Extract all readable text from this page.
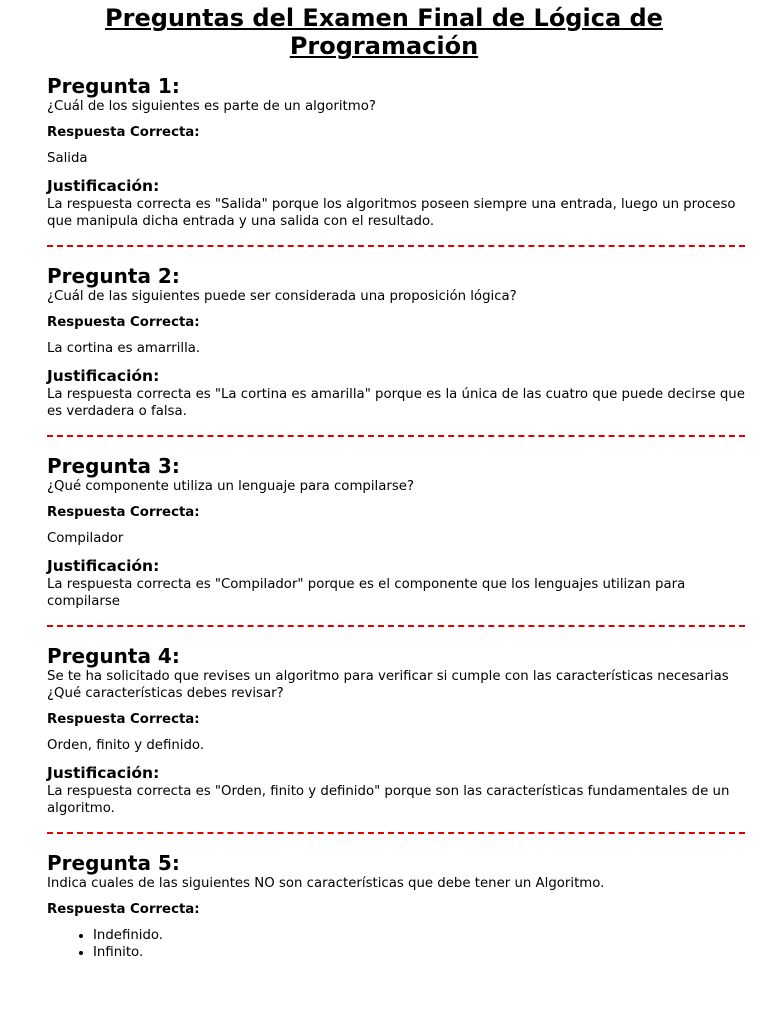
Preguntas del Examen Final de Lógica de Programación
Pregunta 1:
¿Cuál de los siguientes es parte de un algoritmo?
Respuesta Correcta:
Salida
Justificación:
La respuesta correcta es "Salida" porque los algoritmos poseen siempre una entrada, luego un proceso que manipula dicha entrada y una salida con el resultado.
Pregunta 2:
¿Cuál de las siguientes puede ser considerada una proposición lógica?
Respuesta Correcta:
La cortina es amarrilla.
Justificación:
La respuesta correcta es "La cortina es amarilla" porque es la única de las cuatro que puede decirse que es verdadera o falsa.
Pregunta 3:
¿Qué componente utiliza un lenguaje para compilarse?
Respuesta Correcta:
Compilador
Justificación:
La respuesta correcta es "Compilador" porque es el componente que los lenguajes utilizan para compilarse
Pregunta 4:
Se te ha solicitado que revises un algoritmo para verificar si cumple con las características necesarias ¿Qué características debes revisar?
Respuesta Correcta:
Orden, finito y definido.
Justificación:
La respuesta correcta es "Orden, finito y definido" porque son las características fundamentales de un algoritmo.
Pregunta 5:
Indica cuales de las siguientes NO son características que debe tener un Algoritmo.
Respuesta Correcta:
• Indefinido.
• Infinito.
